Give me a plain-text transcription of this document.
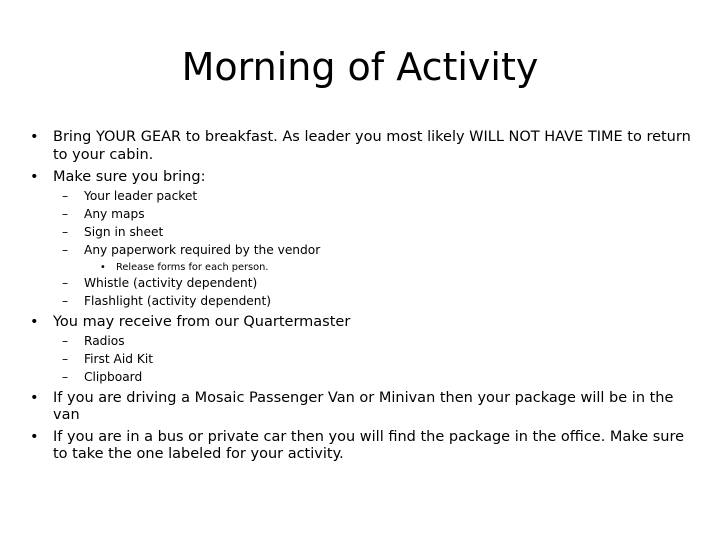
Morning of Activity
• Bring YOUR GEAR to breakfast. As leader you most likely WILL NOT HAVE TIME to return
to your cabin.
• Make sure you bring:
– Your leader packet
– Any maps
– Sign in sheet
– Any paperwork required by the vendor
• Release forms for each person.
– Whistle (activity dependent)
– Flashlight (activity dependent)
• You may receive from our Quartermaster
– Radios
– First Aid Kit
– Clipboard
• If you are driving a Mosaic Passenger Van or Minivan then your package will be in the
van
• If you are in a bus or private car then you will find the package in the office. Make sure
to take the one labeled for your activity.
